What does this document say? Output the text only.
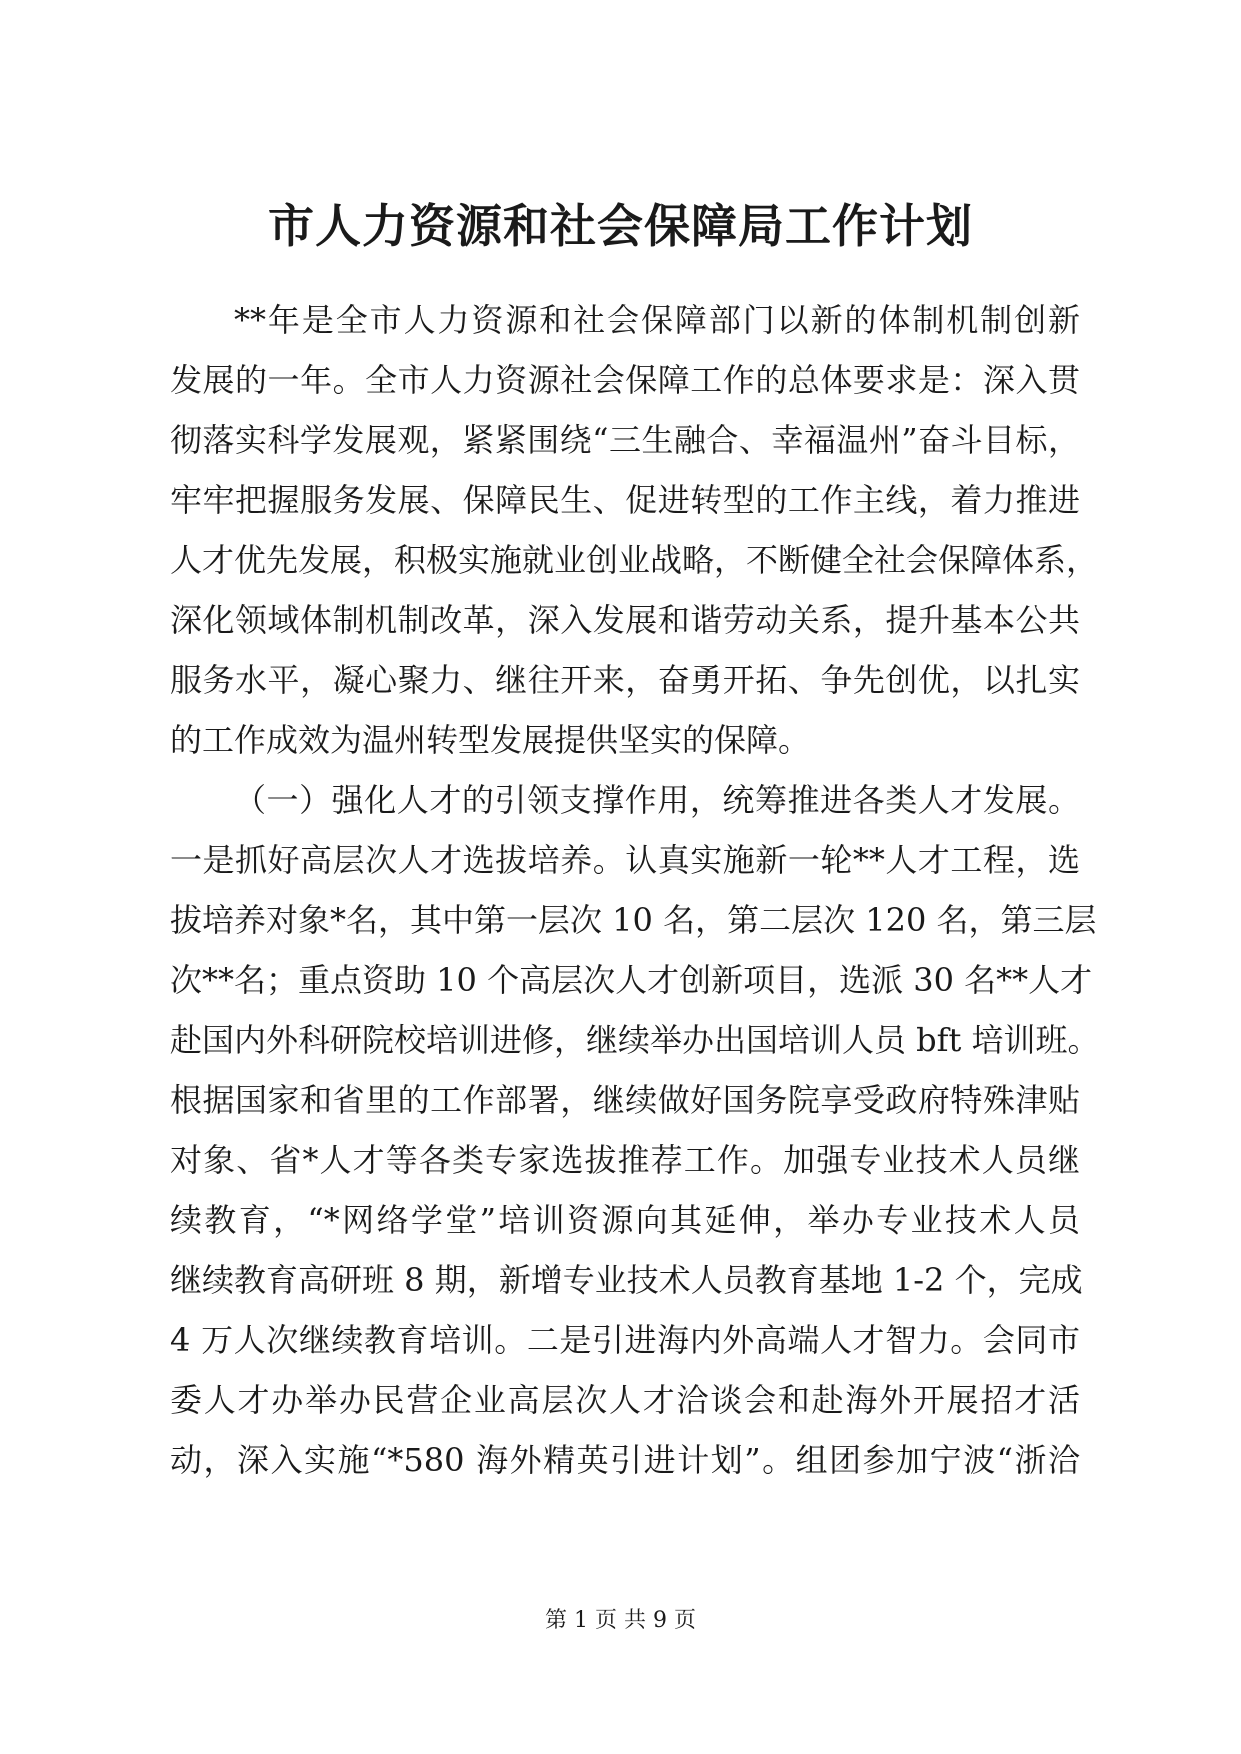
市人力资源和社会保障局工作计划
**年是全市人力资源和社会保障部门以新的体制机制创新
发展的一年。全市人力资源社会保障工作的总体要求是：深入贯
彻落实科学发展观，紧紧围绕“三生融合、幸福温州”奋斗目标，
牢牢把握服务发展、保障民生、促进转型的工作主线，着力推进
人才优先发展，积极实施就业创业战略，不断健全社会保障体系，
深化领域体制机制改革，深入发展和谐劳动关系，提升基本公共
服务水平，凝心聚力、继往开来，奋勇开拓、争先创优，以扎实
的工作成效为温州转型发展提供坚实的保障。
（一）强化人才的引领支撑作用，统筹推进各类人才发展。
一是抓好高层次人才选拔培养。认真实施新一轮**人才工程，选
拔培养对象*名，其中第一层次 10 名，第二层次 120 名，第三层
次**名；重点资助 10 个高层次人才创新项目，选派 30 名**人才
赴国内外科研院校培训进修，继续举办出国培训人员 bft 培训班。
根据国家和省里的工作部署，继续做好国务院享受政府特殊津贴
对象、省*人才等各类专家选拔推荐工作。加强专业技术人员继
续教育，“*网络学堂”培训资源向其延伸，举办专业技术人员
继续教育高研班 8 期，新增专业技术人员教育基地 1-2 个，完成
4 万人次继续教育培训。二是引进海内外高端人才智力。会同市
委人才办举办民营企业高层次人才洽谈会和赴海外开展招才活
动，深入实施“*580 海外精英引进计划”。组团参加宁波“浙洽
第 1 页 共 9 页
